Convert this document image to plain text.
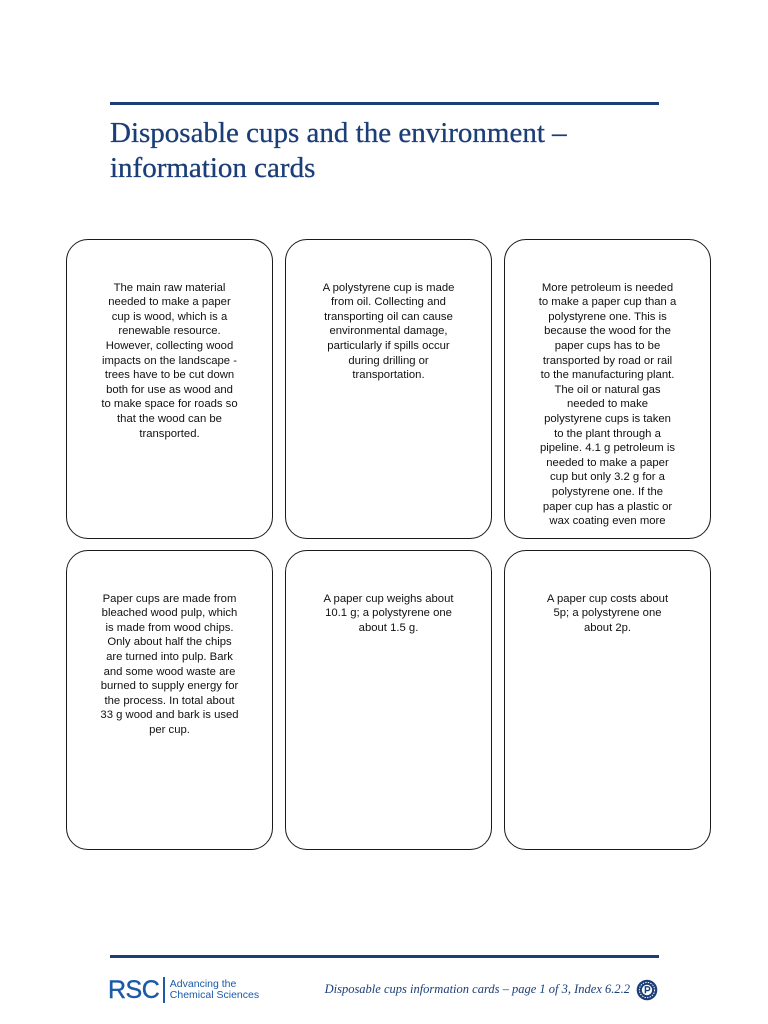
Disposable cups and the environment –
information cards

The main raw material
needed to make a paper
cup is wood, which is a
renewable resource.
However, collecting wood
impacts on the landscape -
trees have to be cut down
both for use as wood and
to make space for roads so
that the wood can be
transported.

A polystyrene cup is made
from oil. Collecting and
transporting oil can cause
environmental damage,
particularly if spills occur
during drilling or
transportation.

More petroleum is needed
to make a paper cup than a
polystyrene one. This is
because the wood for the
paper cups has to be
transported by road or rail
to the manufacturing plant.
The oil or natural gas
needed to make
polystyrene cups is taken
to the plant through a
pipeline. 4.1 g petroleum is
needed to make a paper
cup but only 3.2 g for a
polystyrene one. If the
paper cup has a plastic or
wax coating even more

Paper cups are made from
bleached wood pulp, which
is made from wood chips.
Only about half the chips
are turned into pulp. Bark
and some wood waste are
burned to supply energy for
the process. In total about
33 g wood and bark is used
per cup.

A paper cup weighs about
10.1 g; a polystyrene one
about 1.5 g.

A paper cup costs about
5p; a polystyrene one
about 2p.

RSC Advancing the
Chemical Sciences	Disposable cups information cards – page 1 of 3, Index 6.2.2
